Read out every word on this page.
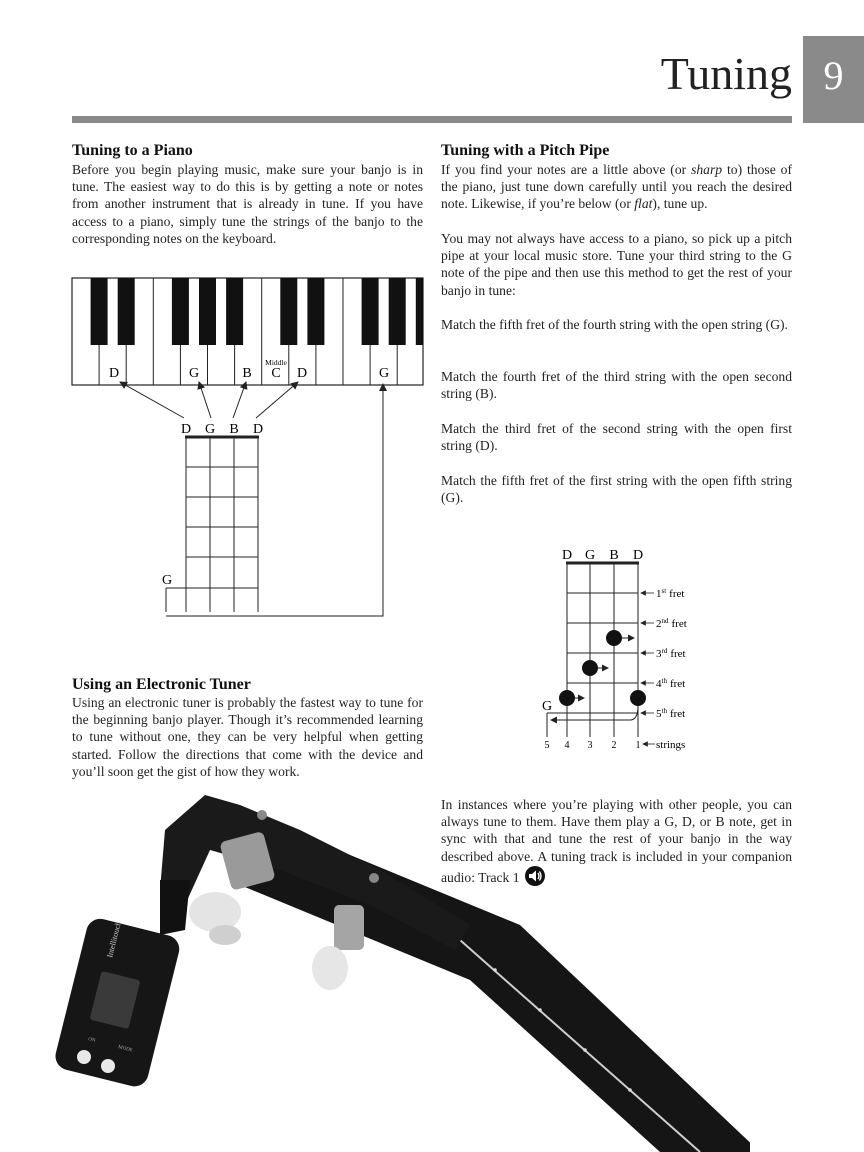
Tuning 9
Tuning to a Piano

Before you begin playing music, make sure your banjo is in tune. The easiest way to do this is by getting a note or notes from another instrument that is already in tune. If you have access to a piano, simply tune the strings of the banjo to the corresponding notes on the keyboard.

D	G	B C
Middle
D	G
D G B D
G
Using an Electronic Tuner

Using an electronic tuner is probably the fastest way to tune for the beginning banjo player. Though it’s recommended learning to tune without one, they can be very helpful when getting started. Follow the directions that come with the device and you’ll soon get the gist of how they work.

Tuning with a Pitch Pipe

If you find your notes are a little above (or sharp to) those of the piano, just tune down carefully until you reach the desired note. Likewise, if you’re below (or flat), tune up.

You may not always have access to a piano, so pick up a pitch pipe at your local music store. Tune your third string to the G note of the pipe and then use this method to get the rest of your banjo in tune:

Match the fifth fret of the fourth string with the open string (G).

Match the fourth fret of the third string with the open second string (B).

Match the third fret of the second string with the open first string (D).

Match the fifth fret of the first string with the open fifth string (G).

D G B D
G
1st fret
2nd fret
3rd fret
4th fret
5th fret
5 4 3 2 1 strings

In instances where you’re playing with other people, you can always tune to them. Have them play a G, D, or B note, get in sync with that and tune the rest of your banjo in the way described above. A tuning track is included in your companion audio: Track 1

Intellitouch
ON
MODE
